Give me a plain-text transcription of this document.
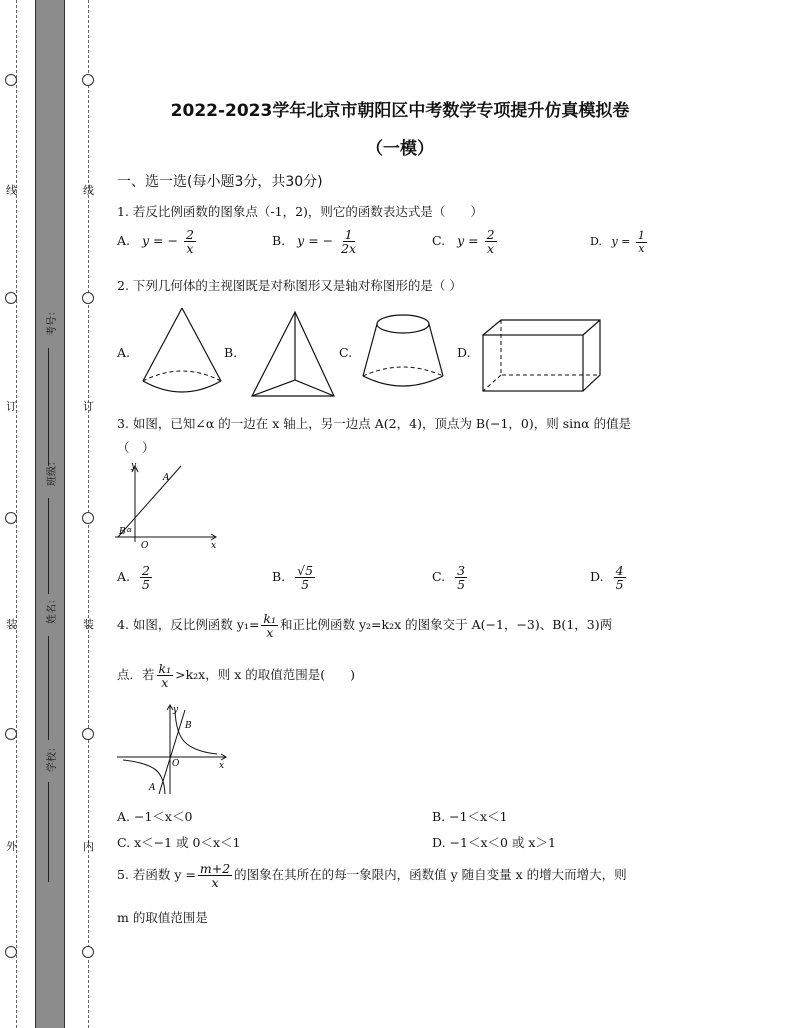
线
订
装
外
线
订
装
内
考号：
班级：
姓名：
学校：
2022-2023学年北京市朝阳区中考数学专项提升仿真模拟卷
（一模）
一、选一选(每小题3分，共30分)
1. 若反比例函数的图象点（-1，2)，则它的函数表达式是（　　）
A. y = − $\frac{2}{x}$	B. y = − $\frac{1}{2x}$	C. $y = \frac{2}{x}$	D. $y = \frac{1}{x}$
2. 下列几何体的主视图既是对称图形又是轴对称图形的是（ ）
A.	B.	C.	D.
3. 如图，已知∠α 的一边在 x 轴上，另一边点 A(2，4)，顶点为 B(−1，0)，则 sinα 的值是
（　）
y
x
O
A
B α
A. $\frac{2}{5}$	B. $\frac{√5}{5}$	C. $\frac{3}{5}$	D. $\frac{4}{5}$
4. 如图，反比例函数 $y_1= \frac{\text{k₁}}{x}$ 和正比例函数 y₂=k₂x 的图象交于 A(−1，−3)、B(1，3)两
点．若 $\frac{\text{k₁}}{x} >k_2x$，则 x 的取值范围是(　　)
y
x
O
B
A
A. −1＜x＜0	B. −1＜x＜1
C. x＜−1 或 0＜x＜1	D. −1＜x＜0 或 x＞1
5. 若函数 $y = \frac{m+2}{x}$ 的图象在其所在的每一象限内，函数值 y 随自变量 x 的增大而增大，则
m 的取值范围是
